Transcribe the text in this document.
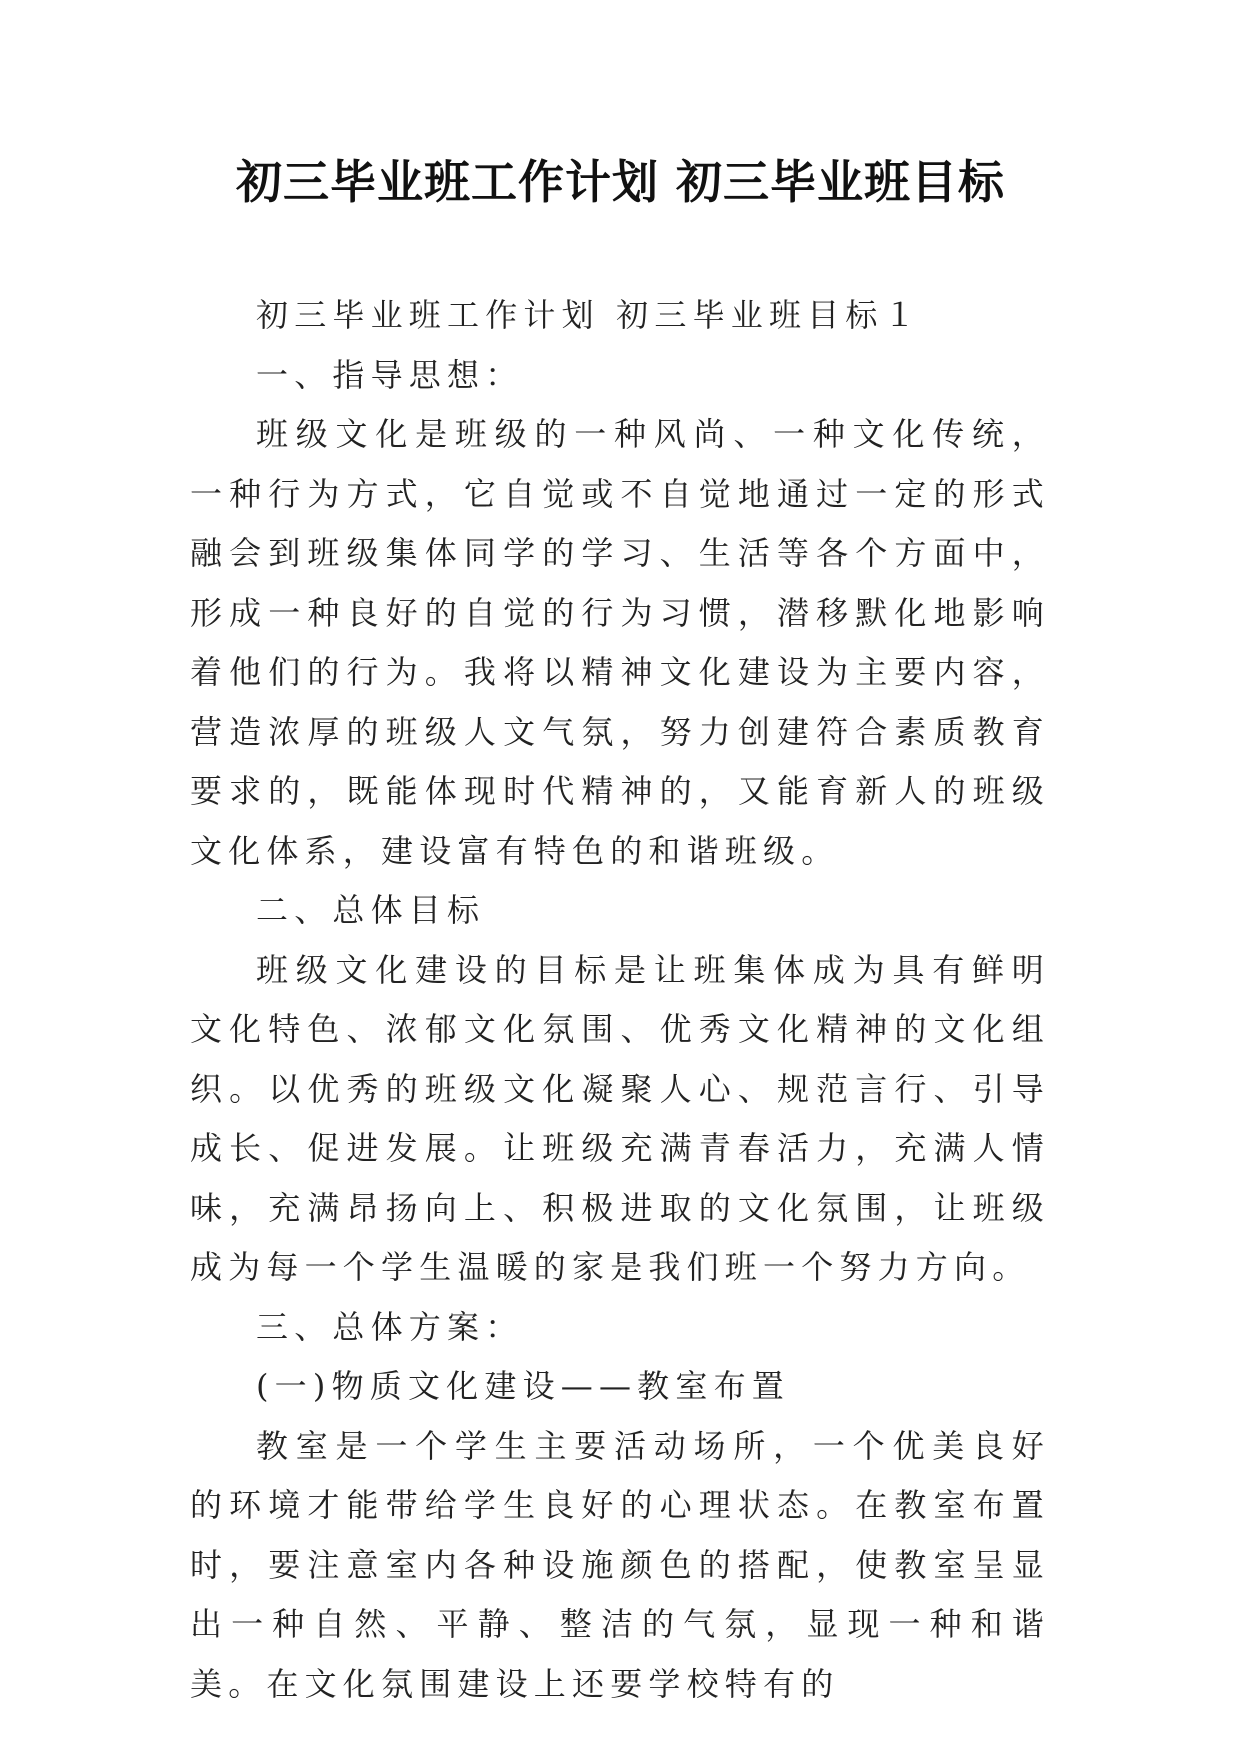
初三毕业班工作计划 初三毕业班目标

初三毕业班工作计划 初三毕业班目标１

一、指导思想：

班级文化是班级的一种风尚、一种文化传统，一种行为方式，它自觉或不自觉地通过一定的形式融会到班级集体同学的学习、生活等各个方面中，形成一种良好的自觉的行为习惯，潜移默化地影响着他们的行为。我将以精神文化建设为主要内容，营造浓厚的班级人文气氛，努力创建符合素质教育要求的，既能体现时代精神的，又能育新人的班级文化体系，建设富有特色的和谐班级。

二、总体目标

班级文化建设的目标是让班集体成为具有鲜明文化特色、浓郁文化氛围、优秀文化精神的文化组织。以优秀的班级文化凝聚人心、规范言行、引导成长、促进发展。让班级充满青春活力，充满人情味，充满昂扬向上、积极进取的文化氛围，让班级成为每一个学生温暖的家是我们班一个努力方向。

三、总体方案：

(一)物质文化建设——教室布置

教室是一个学生主要活动场所，一个优美良好的环境才能带给学生良好的心理状态。在教室布置时，要注意室内各种设施颜色的搭配，使教室呈显出一种自然、平静、整洁的气氛，显现一种和谐美。在文化氛围建设上还要学校特有的
